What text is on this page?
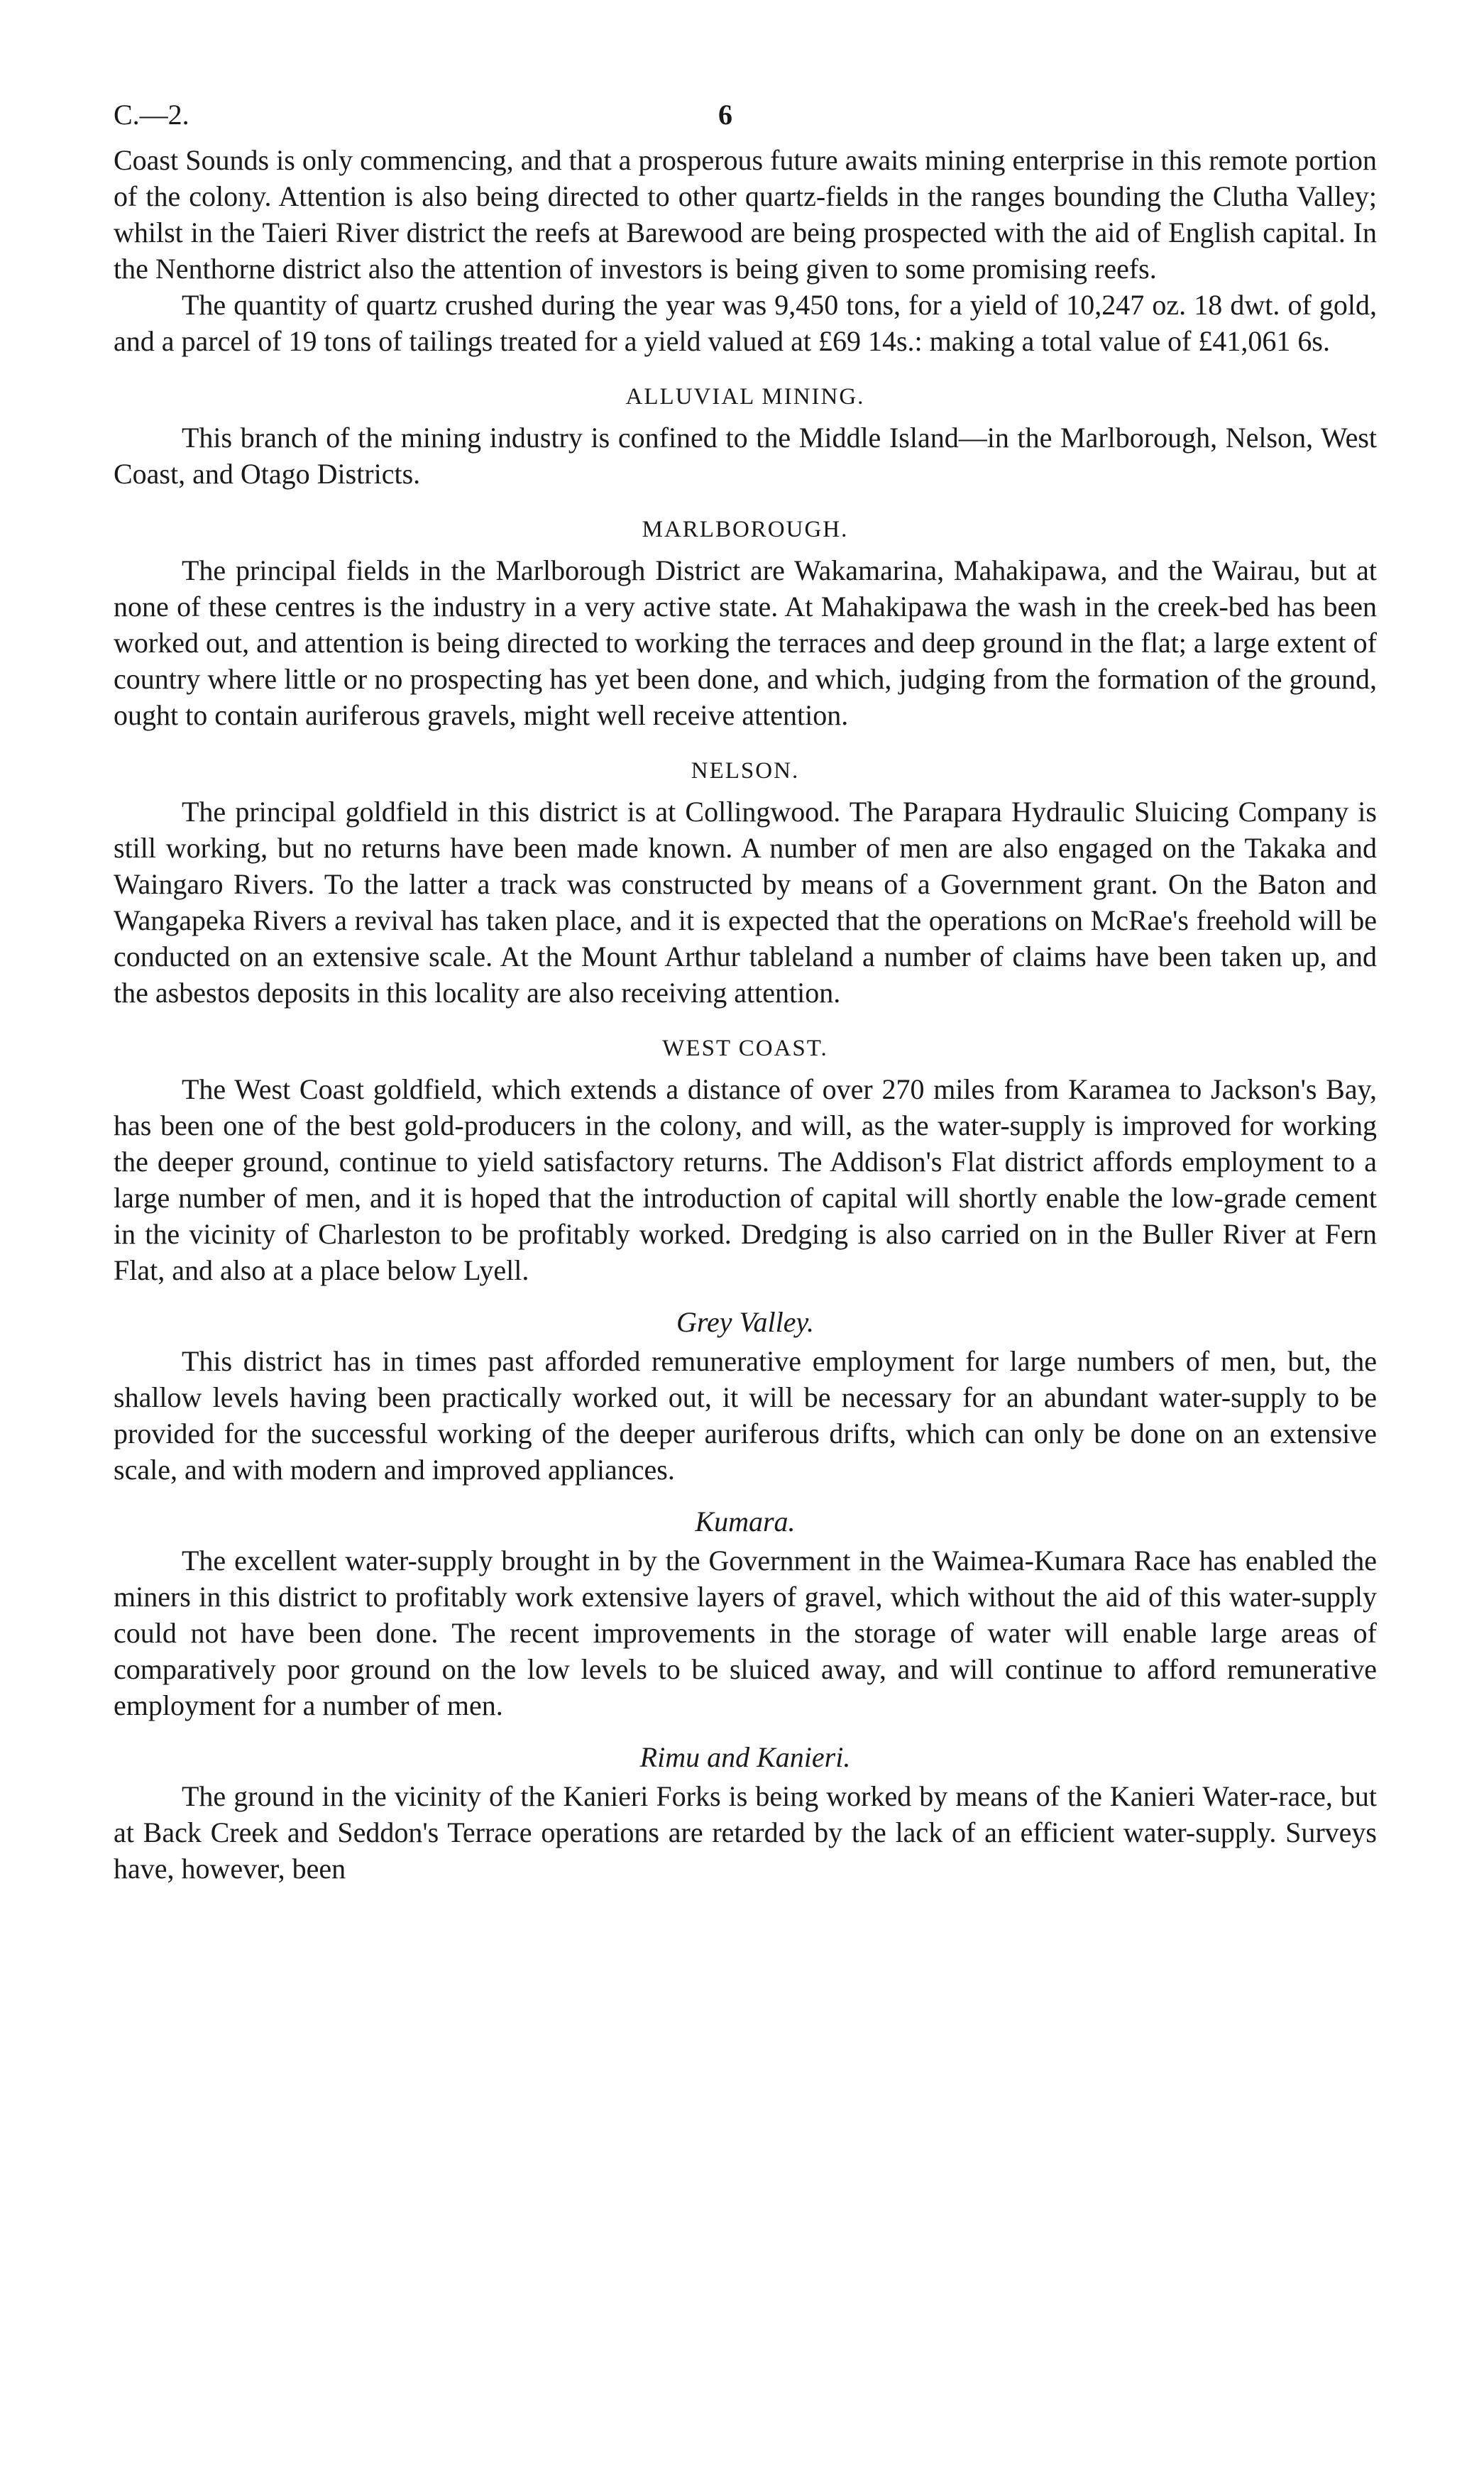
C.—2.	6

Coast Sounds is only commencing, and that a prosperous future awaits mining enterprise in this remote portion of the colony. Attention is also being directed to other quartz-fields in the ranges bounding the Clutha Valley; whilst in the Taieri River district the reefs at Barewood are being prospected with the aid of English capital. In the Nenthorne district also the attention of investors is being given to some promising reefs.

The quantity of quartz crushed during the year was 9,450 tons, for a yield of 10,247 oz. 18 dwt. of gold, and a parcel of 19 tons of tailings treated for a yield valued at £69 14s.: making a total value of £41,061 6s.

ALLUVIAL MINING.

This branch of the mining industry is confined to the Middle Island—in the Marlborough, Nelson, West Coast, and Otago Districts.

MARLBOROUGH.

The principal fields in the Marlborough District are Wakamarina, Mahakipawa, and the Wairau, but at none of these centres is the industry in a very active state. At Mahakipawa the wash in the creek-bed has been worked out, and attention is being directed to working the terraces and deep ground in the flat; a large extent of country where little or no prospecting has yet been done, and which, judging from the formation of the ground, ought to contain auriferous gravels, might well receive attention.

NELSON.

The principal goldfield in this district is at Collingwood. The Parapara Hydraulic Sluicing Company is still working, but no returns have been made known. A number of men are also engaged on the Takaka and Waingaro Rivers. To the latter a track was constructed by means of a Government grant. On the Baton and Wangapeka Rivers a revival has taken place, and it is expected that the operations on McRae's freehold will be conducted on an extensive scale. At the Mount Arthur tableland a number of claims have been taken up, and the asbestos deposits in this locality are also receiving attention.

WEST COAST.

The West Coast goldfield, which extends a distance of over 270 miles from Karamea to Jackson's Bay, has been one of the best gold-producers in the colony, and will, as the water-supply is improved for working the deeper ground, continue to yield satisfactory returns. The Addison's Flat district affords employment to a large number of men, and it is hoped that the introduction of capital will shortly enable the low-grade cement in the vicinity of Charleston to be profitably worked. Dredging is also carried on in the Buller River at Fern Flat, and also at a place below Lyell.

Grey Valley.

This district has in times past afforded remunerative employment for large numbers of men, but, the shallow levels having been practically worked out, it will be necessary for an abundant water-supply to be provided for the successful working of the deeper auriferous drifts, which can only be done on an extensive scale, and with modern and improved appliances.

Kumara.

The excellent water-supply brought in by the Government in the Waimea-Kumara Race has enabled the miners in this district to profitably work extensive layers of gravel, which without the aid of this water-supply could not have been done. The recent improvements in the storage of water will enable large areas of comparatively poor ground on the low levels to be sluiced away, and will continue to afford remunerative employment for a number of men.

Rimu and Kanieri.

The ground in the vicinity of the Kanieri Forks is being worked by means of the Kanieri Water-race, but at Back Creek and Seddon's Terrace operations are retarded by the lack of an efficient water-supply. Surveys have, however, been
